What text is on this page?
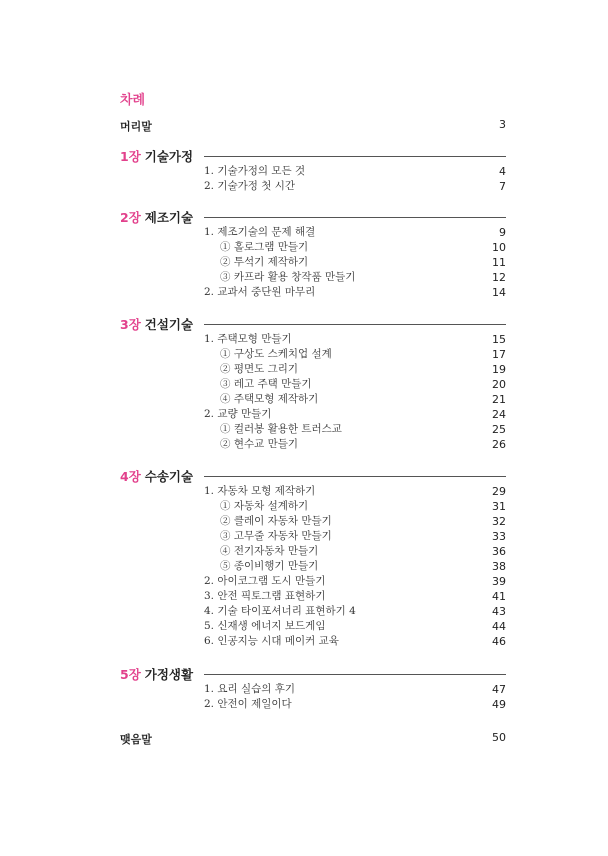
차례
머리말	3
1장 기술가정
1. 기술가정의 모든 것	4
2. 기술가정 첫 시간	7
2장 제조기술
1. 제조기술의 문제 해결	9
① 홀로그램 만들기	10
② 투석기 제작하기	11
③ 카프라 활용 창작품 만들기	12
2. 교과서 중단원 마무리	14
3장 건설기술
1. 주택모형 만들기	15
① 구상도 스케치업 설계	17
② 평면도 그리기	19
③ 레고 주택 만들기	20
④ 주택모형 제작하기	21
2. 교량 만들기	24
① 컬러봉 활용한 트러스교	25
② 현수교 만들기	26
4장 수송기술
1. 자동차 모형 제작하기	29
① 자동차 설계하기	31
② 클레이 자동차 만들기	32
③ 고무줄 자동차 만들기	33
④ 전기자동차 만들기	36
⑤ 종이비행기 만들기	38
2. 아이코그램 도시 만들기	39
3. 안전 픽토그램 표현하기	41
4. 기술 타이포셔너리 표현하기 4	43
5. 신재생 에너지 보드게임	44
6. 인공지능 시대 메이커 교육	46
5장 가정생활
1. 요리 실습의 후기	47
2. 안전이 제일이다	49
맺음말	50
